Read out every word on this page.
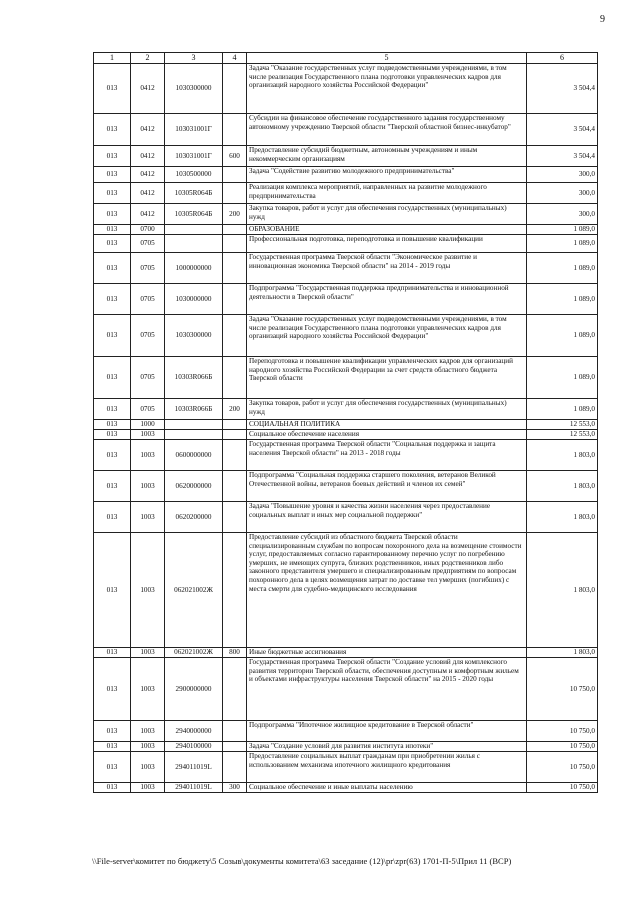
9
1	2	3	4	5	6
013	0412	1030300000		Задача "Оказание государственных услуг подведомственными учреждениями, в том числе реализация Государственного плана подготовки управленческих кадров для организаций народного хозяйства Российской Федерации"	3 504,4
013	0412	103031001Г		Субсидии на финансовое обеспечение государственного задания государственному автономному учреждению Тверской области "Тверской областной бизнес-инкубатор"	3 504,4
013	0412	103031001Г	600	Предоставление субсидий бюджетным, автономным учреждениям и иным некоммерческим организациям	3 504,4
013	0412	1030500000		Задача "Содействие развитию молодежного предпринимательства"	300,0
013	0412	10305R064Б		Реализация комплекса мероприятий, направленных на развитие молодежного предпринимательства	300,0
013	0412	10305R064Б	200	Закупка товаров, работ и услуг для обеспечения государственных (муниципальных) нужд	300,0
013	0700			ОБРАЗОВАНИЕ	1 089,0
013	0705			Профессиональная подготовка, переподготовка и повышение квалификации	1 089,0
013	0705	1000000000		Государственная программа Тверской области "Экономическое развитие и инновационная экономика Тверской области" на 2014 - 2019 годы	1 089,0
013	0705	1030000000		Подпрограмма "Государственная поддержка предпринимательства и инновационной деятельности в Тверской области"	1 089,0
013	0705	1030300000		Задача "Оказание государственных услуг подведомственными учреждениями, в том числе реализация Государственного плана подготовки управленческих кадров для организаций народного хозяйства Российской Федерации"	1 089,0
013	0705	10303R066Б		Переподготовка и повышение квалификации управленческих кадров для организаций народного хозяйства Российской Федерации за счет средств областного бюджета Тверской области	1 089,0
013	0705	10303R066Б	200	Закупка товаров, работ и услуг для обеспечения государственных (муниципальных) нужд	1 089,0
013	1000			СОЦИАЛЬНАЯ ПОЛИТИКА	12 553,0
013	1003			Социальное обеспечение населения	12 553,0
013	1003	0600000000		Государственная программа Тверской области "Социальная поддержка и защита населения Тверской области" на 2013 - 2018 годы	1 803,0
013	1003	0620000000		Подпрограмма "Социальная поддержка старшего поколения, ветеранов Великой Отечественной войны, ветеранов боевых действий и членов их семей"	1 803,0
013	1003	0620200000		Задача "Повышение уровня и качества жизни населения через предоставление социальных выплат и иных мер социальной поддержки"	1 803,0
013	1003	062021002Ж		Предоставление субсидий из областного бюджета Тверской области специализированным службам по вопросам похоронного дела на возмещение стоимости услуг, предоставляемых согласно гарантированному перечню услуг по погребению умерших, не имеющих супруга, близких родственников, иных родственников либо законного представителя умершего и специализированным предприятиям по вопросам похоронного дела в целях возмещения затрат по доставке тел умерших (погибших) с места смерти для судебно-медицинского исследования	1 803,0
013	1003	062021002Ж	800	Иные бюджетные ассигнования	1 803,0
013	1003	2900000000		Государственная программа Тверской области "Создание условий для комплексного развития территории Тверской области, обеспечения доступным и комфортным жильем и объектами инфраструктуры населения Тверской области" на 2015 - 2020 годы	10 750,0
013	1003	2940000000		Подпрограмма "Ипотечное жилищное кредитование в Тверской области"	10 750,0
013	1003	2940100000		Задача "Создание условий для развития института ипотеки"	10 750,0
013	1003	294011019L		Предоставление социальных выплат гражданам при приобретении жилья с использованием механизма ипотечного жилищного кредитования	10 750,0
013	1003	294011019L	300	Социальное обеспечение и иные выплаты населению	10 750,0
\\File-server\комитет по бюджету\5 Созыв\документы комитета\63 заседание (12)\pr\zpr(63) 1701-П-5\Прил 11 (ВСР)
